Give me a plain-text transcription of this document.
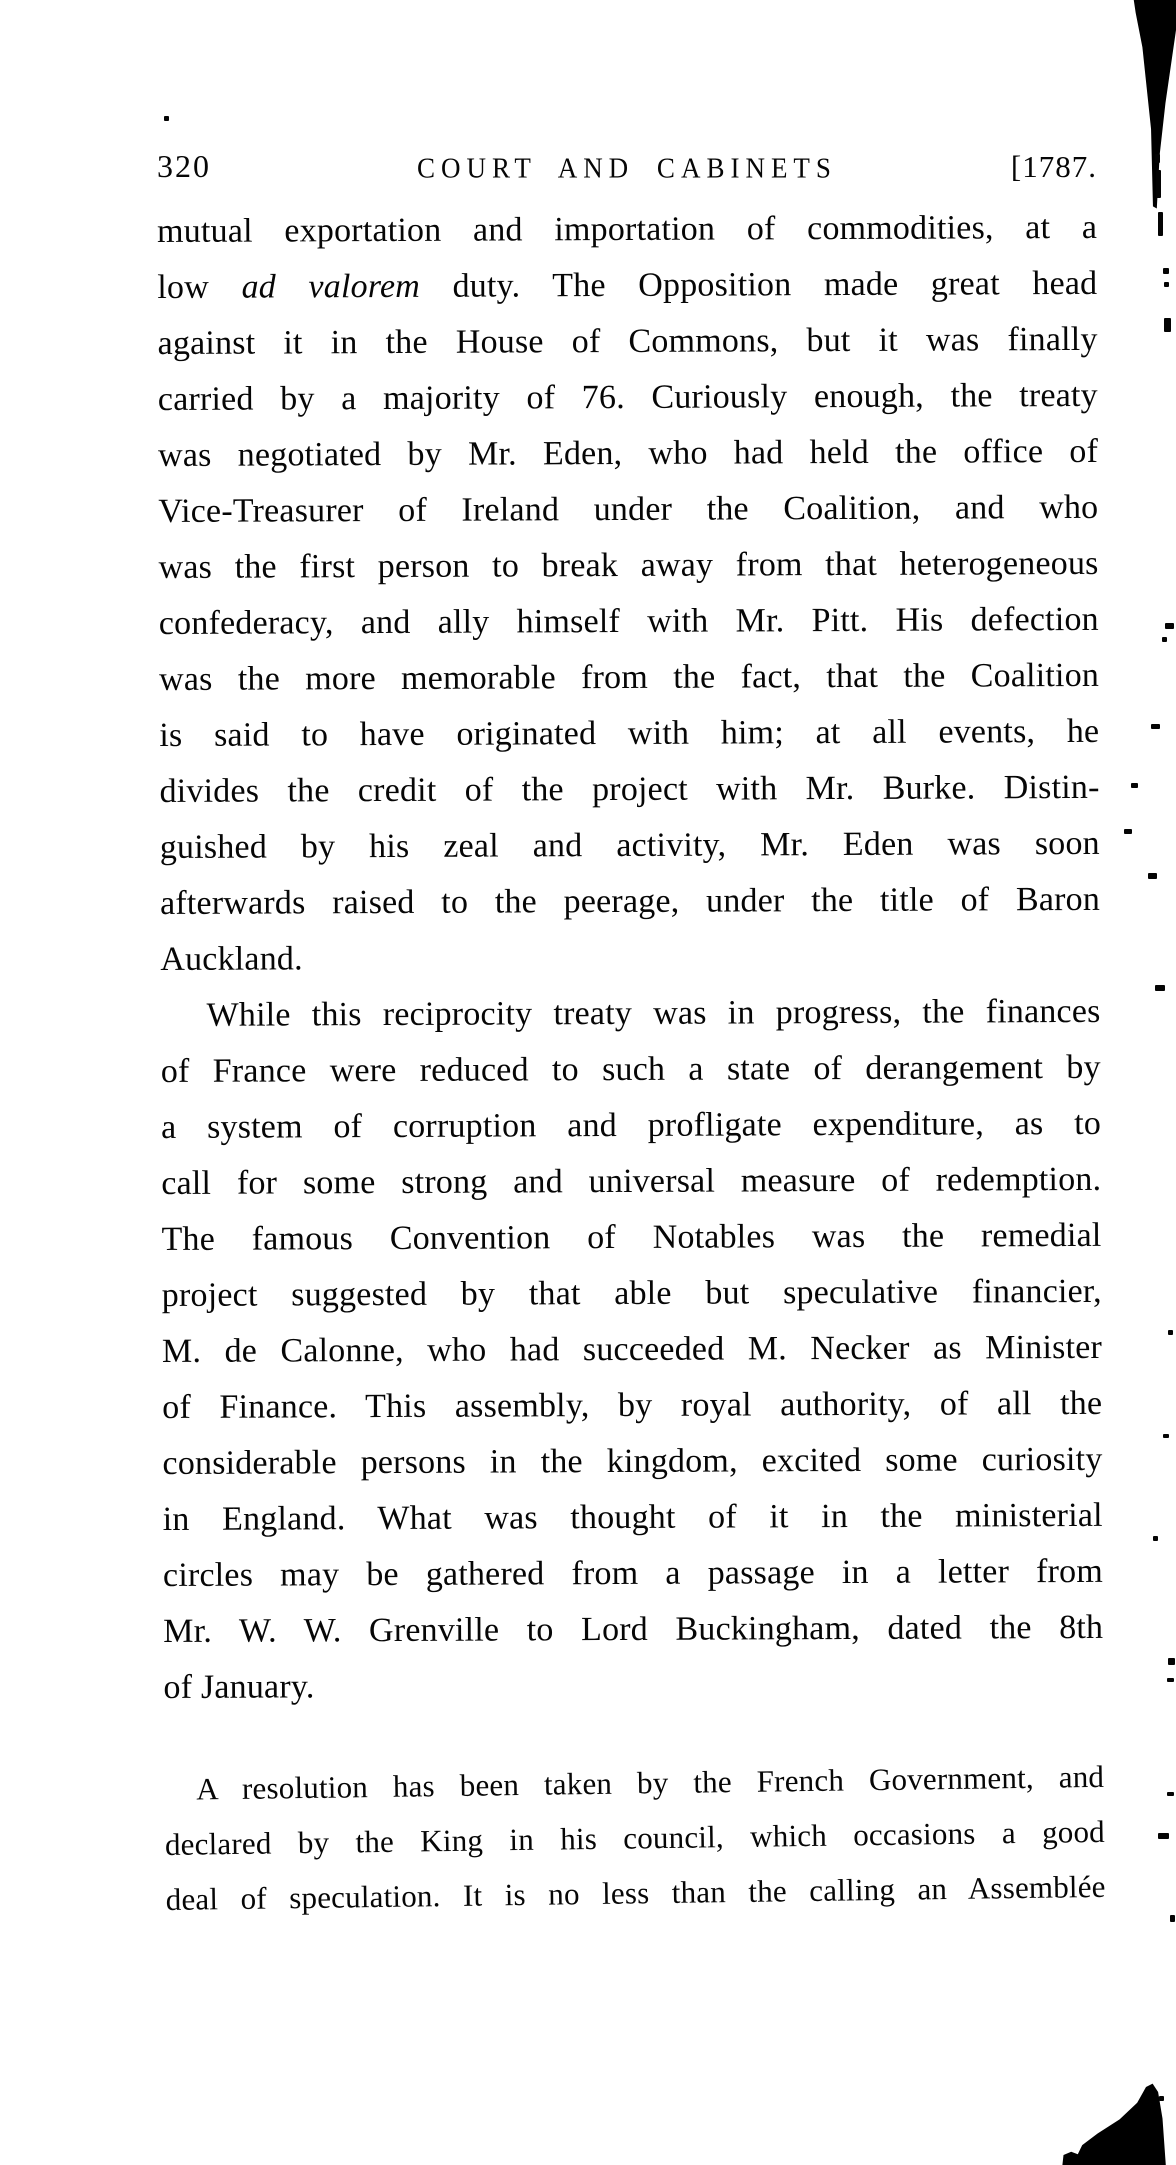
320	COURT AND CABINETS	[1787.
mutual exportation and importation of commodities, at a
low ad valorem duty. The Opposition made great head
against it in the House of Commons, but it was finally
carried by a majority of 76. Curiously enough, the treaty
was negotiated by Mr. Eden, who had held the office of
Vice-Treasurer of Ireland under the Coalition, and who
was the first person to break away from that heterogeneous
confederacy, and ally himself with Mr. Pitt. His defection
was the more memorable from the fact, that the Coalition
is said to have originated with him; at all events, he
divides the credit of the project with Mr. Burke. Distin-
guished by his zeal and activity, Mr. Eden was soon
afterwards raised to the peerage, under the title of Baron
Auckland.
While this reciprocity treaty was in progress, the finances
of France were reduced to such a state of derangement by
a system of corruption and profligate expenditure, as to
call for some strong and universal measure of redemption.
The famous Convention of Notables was the remedial
project suggested by that able but speculative financier,
M. de Calonne, who had succeeded M. Necker as Minister
of Finance. This assembly, by royal authority, of all the
considerable persons in the kingdom, excited some curiosity
in England. What was thought of it in the ministerial
circles may be gathered from a passage in a letter from
Mr. W. W. Grenville to Lord Buckingham, dated the 8th
of January.
A resolution has been taken by the French Government, and
declared by the King in his council, which occasions a good
deal of speculation. It is no less than the calling an Assemblée
